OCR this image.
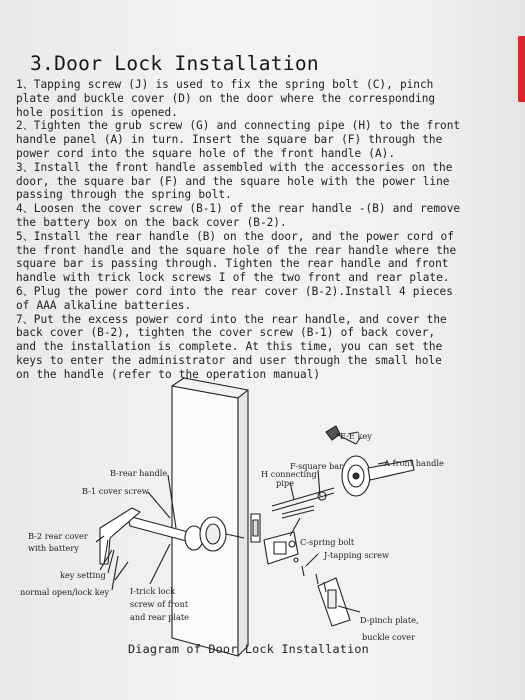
3.Door Lock Installation

1、Tapping screw (J) is used to fix the spring bolt (C), pinch plate and buckle cover (D) on the door where the corresponding hole position is opened.

2、Tighten the grub screw (G) and connecting pipe (H) to the front handle panel (A) in turn. Insert the square bar (F) through the power cord into the square hole of the front handle (A).

3、Install the front handle assembled with the accessories on the door, the square bar (F) and the square hole with the power line passing through the spring bolt.

4、Loosen the cover screw (B-1) of the rear handle -(B) and remove the battery box on the back cover (B-2).

5、Install the rear handle (B) on the door, and the power cord of the front handle and the square hole of the rear handle where the square bar is passing through. Tighten the rear handle and front handle with trick lock screws I of the two front and rear plate.

6、Plug the power cord into the rear cover (B-2).Install 4 pieces of AAA alkaline batteries.

7、Put the excess power cord into the rear handle, and cover the back cover (B-2), tighten the cover screw (B-1) of back cover, and the installation is complete. At this time, you can set the keys to enter the administrator and user through the small hole on the handle (refer to the operation manual)

E-E key
A-front handle
F-square bar
H connecting
pipe
B-rear handle
B-1 cover screw
B-2 rear cover
with battery
key setting
normal open/lock key	I-trick lock
screw of front
and rear plate
C-spring bolt
J-tapping screw
D-pinch plate,
buckle cover

Diagram of Door Lock Installation
